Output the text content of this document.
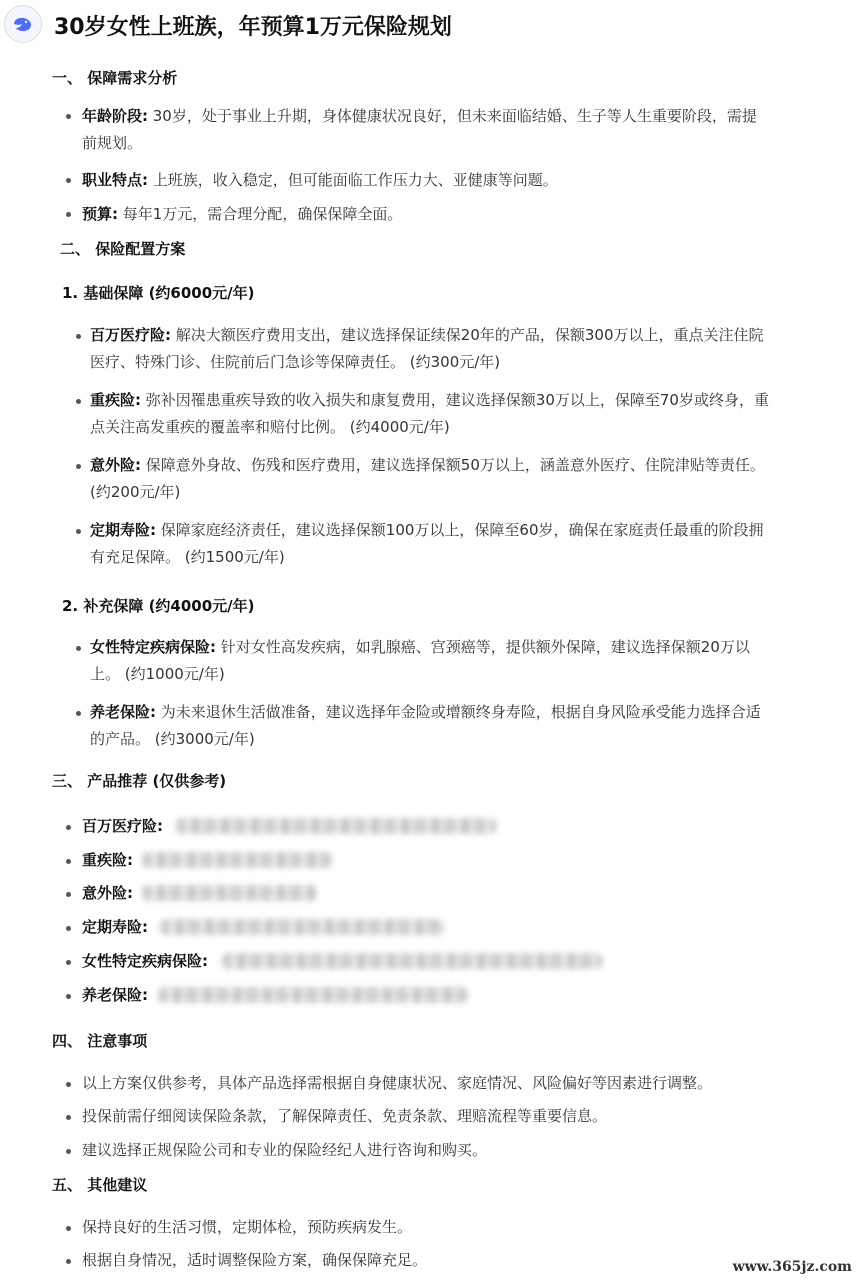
30岁女性上班族，年预算1万元保险规划
一、 保障需求分析
年龄阶段: 30岁，处于事业上升期，身体健康状况良好，但未来面临结婚、生子等人生重要阶段，需提
前规划。
职业特点: 上班族，收入稳定，但可能面临工作压力大、亚健康等问题。
预算: 每年1万元，需合理分配，确保保障全面。
二、 保险配置方案
1. 基础保障 (约6000元/年)
百万医疗险: 解决大额医疗费用支出，建议选择保证续保20年的产品，保额300万以上，重点关注住院
医疗、特殊门诊、住院前后门急诊等保障责任。 (约300元/年)
重疾险: 弥补因罹患重疾导致的收入损失和康复费用，建议选择保额30万以上，保障至70岁或终身，重
点关注高发重疾的覆盖率和赔付比例。 (约4000元/年)
意外险: 保障意外身故、伤残和医疗费用，建议选择保额50万以上，涵盖意外医疗、住院津贴等责任。
(约200元/年)
定期寿险: 保障家庭经济责任，建议选择保额100万以上，保障至60岁，确保在家庭责任最重的阶段拥
有充足保障。 (约1500元/年)
2. 补充保障 (约4000元/年)
女性特定疾病保险: 针对女性高发疾病，如乳腺癌、宫颈癌等，提供额外保障，建议选择保额20万以
上。 (约1000元/年)
养老保险: 为未来退休生活做准备，建议选择年金险或增额终身寿险，根据自身风险承受能力选择合适
的产品。 (约3000元/年)
三、 产品推荐 (仅供参考)
百万医疗险:
重疾险:
意外险:
定期寿险:
女性特定疾病保险:
养老保险:
四、 注意事项
以上方案仅供参考，具体产品选择需根据自身健康状况、家庭情况、风险偏好等因素进行调整。
投保前需仔细阅读保险条款，了解保障责任、免责条款、理赔流程等重要信息。
建议选择正规保险公司和专业的保险经纪人进行咨询和购买。
五、 其他建议
保持良好的生活习惯，定期体检，预防疾病发生。
根据自身情况，适时调整保险方案，确保保障充足。	www.365jz.com
